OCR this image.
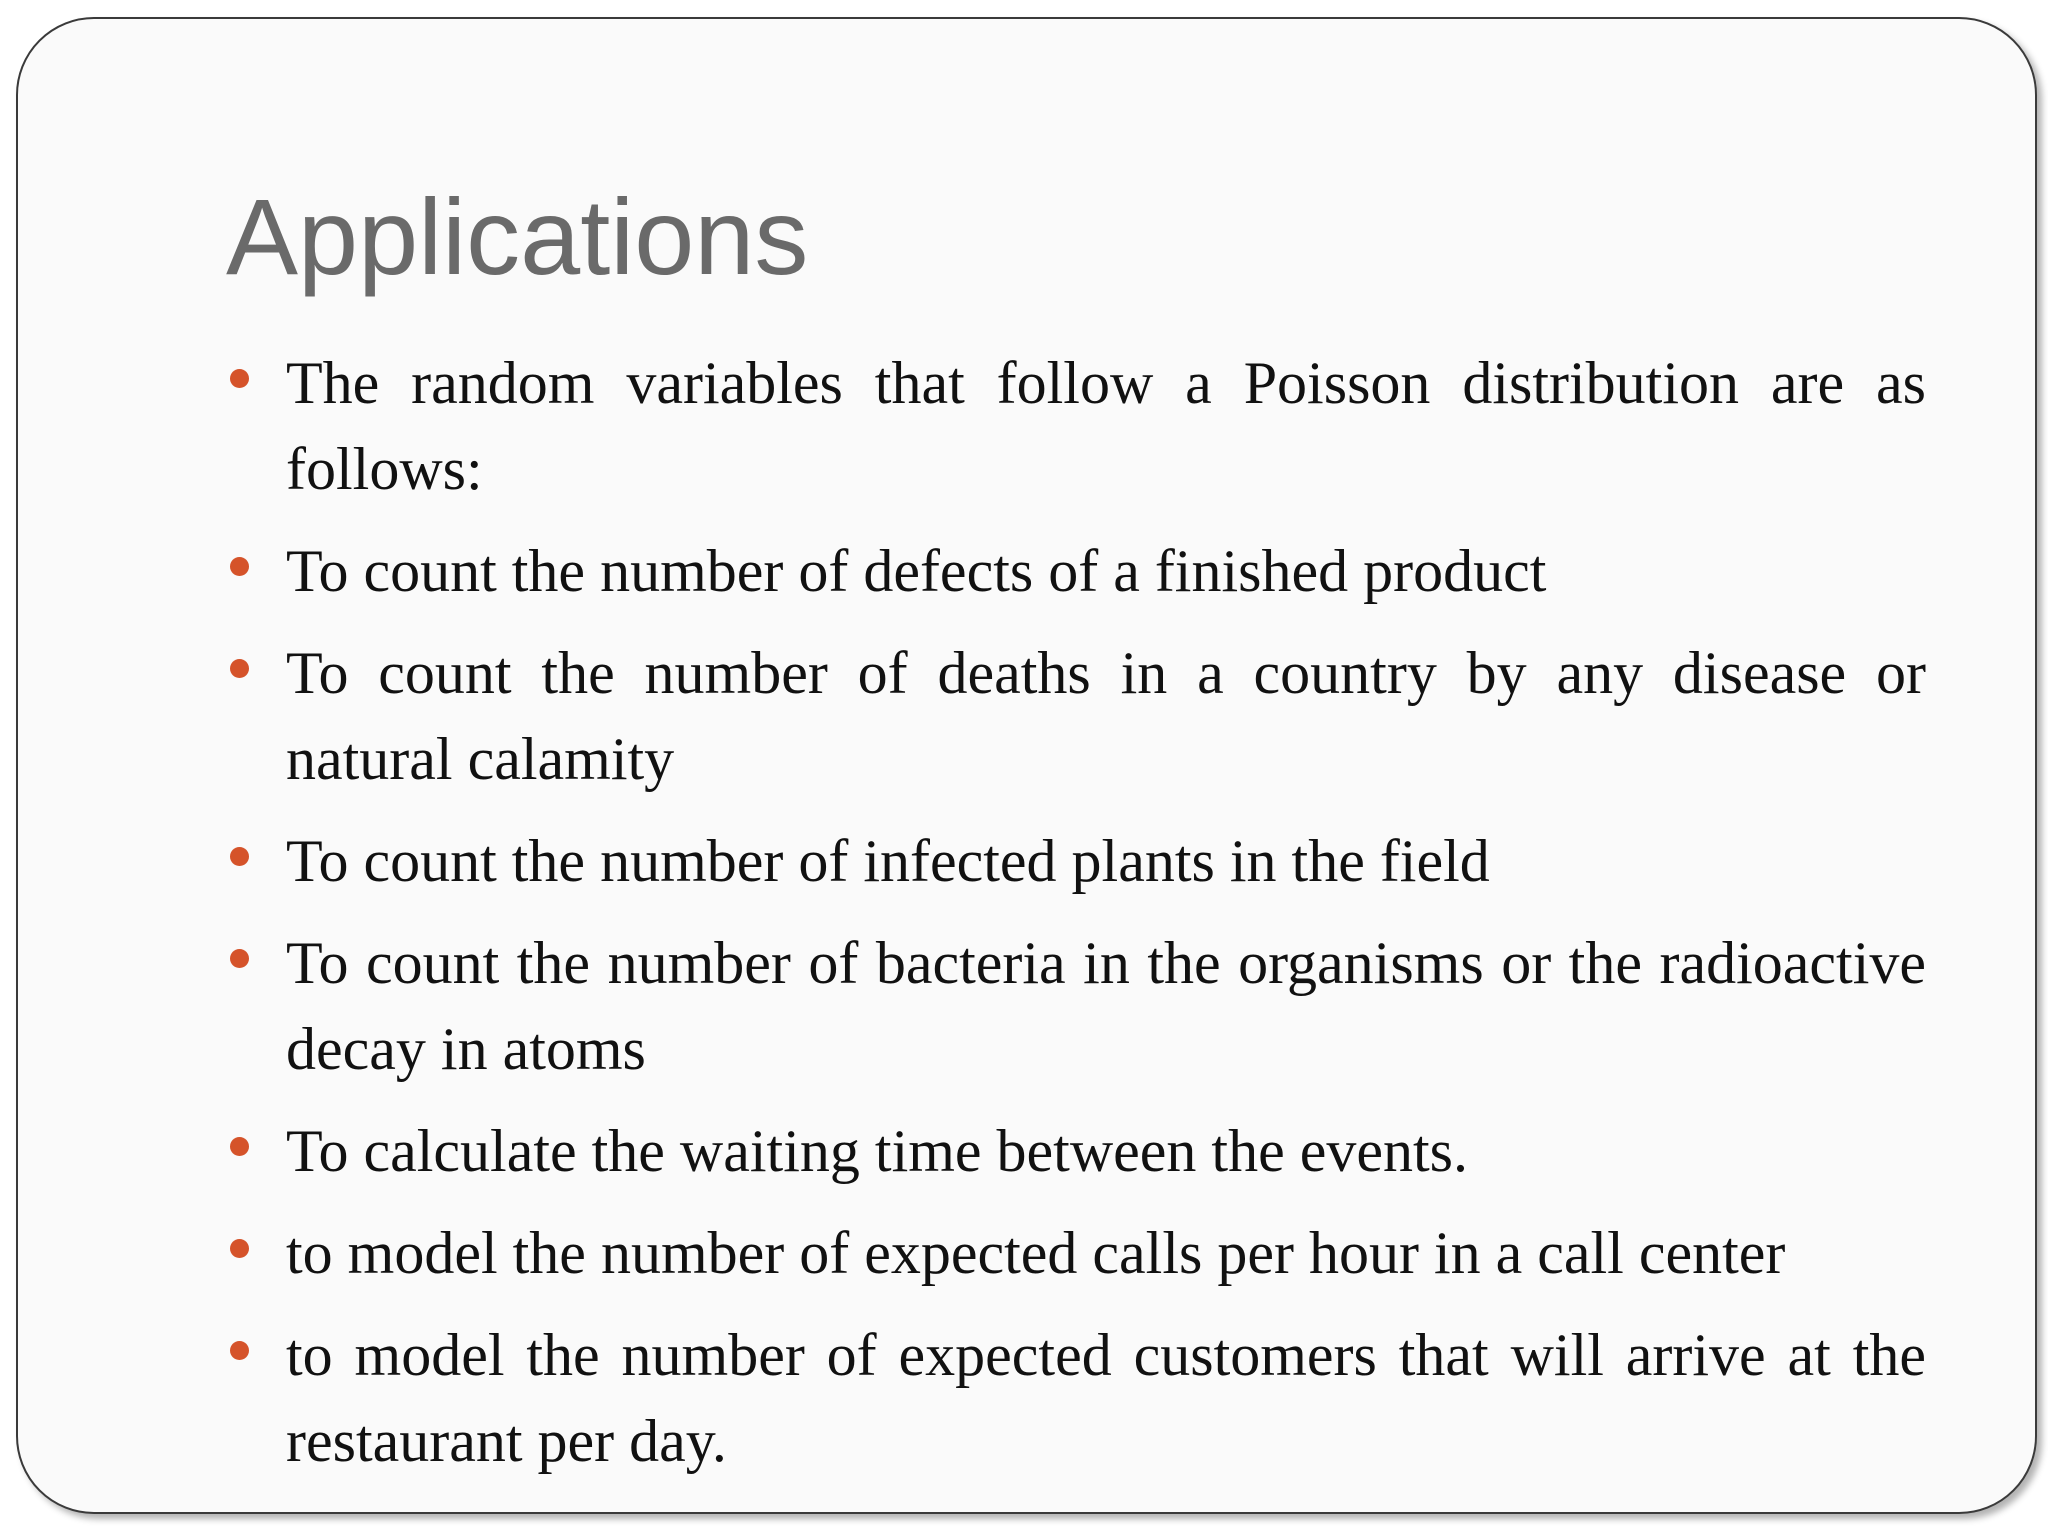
Applications
The random variables that follow a Poisson distribution are as follows:
To count the number of defects of a finished product
To count the number of deaths in a country by any disease or natural calamity
To count the number of infected plants in the field
To count the number of bacteria in the organisms or the radioactive decay in atoms
To calculate the waiting time between the events.
to model the number of expected calls per hour in a call center
to model the number of expected customers that will arrive at the restaurant per day.
